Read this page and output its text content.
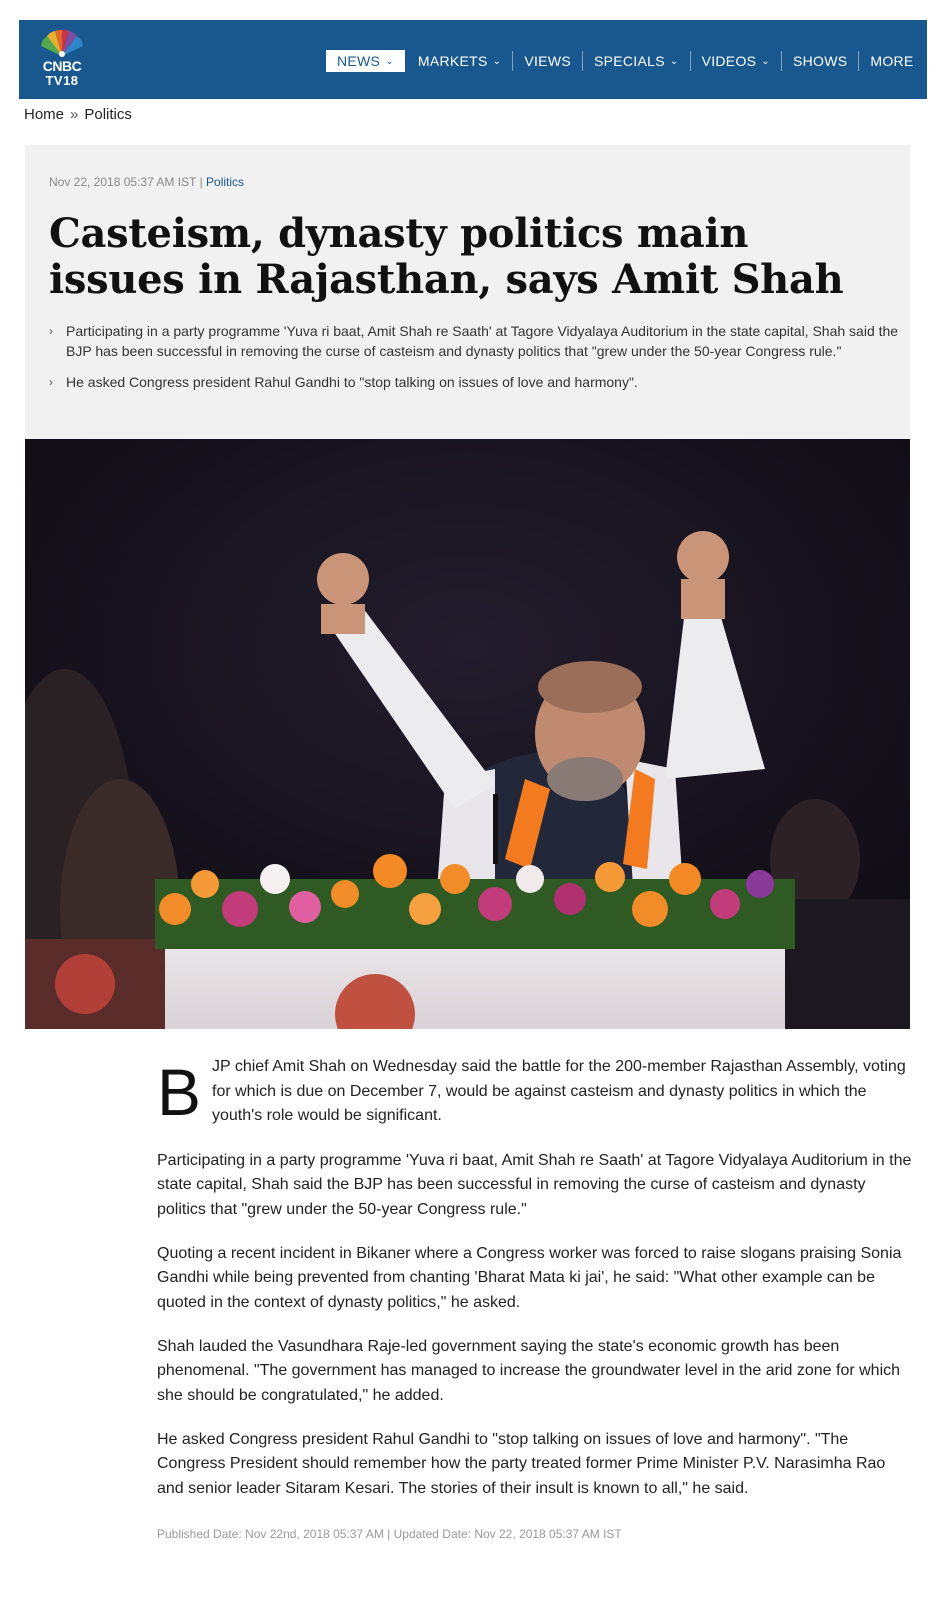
CNBC
TV18
NEWS ⌄ MARKETS ⌄ VIEWS SPECIALS ⌄ VIDEOS ⌄ SHOWS MORE
Home » Politics
Nov 22, 2018 05:37 AM IST | Politics
Casteism, dynasty politics main issues in Rajasthan, says Amit Shah
› Participating in a party programme 'Yuva ri baat, Amit Shah re Saath' at Tagore Vidyalaya Auditorium in the state capital, Shah said the BJP has been successful in removing the curse of casteism and dynasty politics that "grew under the 50-year Congress rule."
› He asked Congress president Rahul Gandhi to "stop talking on issues of love and harmony".

B JP chief Amit Shah on Wednesday said the battle for the 200-member Rajasthan Assembly, voting for which is due on December 7, would be against casteism and dynasty politics in which the youth's role would be significant.

Participating in a party programme 'Yuva ri baat, Amit Shah re Saath' at Tagore Vidyalaya Auditorium in the state capital, Shah said the BJP has been successful in removing the curse of casteism and dynasty politics that "grew under the 50-year Congress rule."

Quoting a recent incident in Bikaner where a Congress worker was forced to raise slogans praising Sonia Gandhi while being prevented from chanting 'Bharat Mata ki jai', he said: "What other example can be quoted in the context of dynasty politics," he asked.

Shah lauded the Vasundhara Raje-led government saying the state's economic growth has been phenomenal. "The government has managed to increase the groundwater level in the arid zone for which she should be congratulated," he added.

He asked Congress president Rahul Gandhi to "stop talking on issues of love and harmony". "The Congress President should remember how the party treated former Prime Minister P.V. Narasimha Rao and senior leader Sitaram Kesari. The stories of their insult is known to all," he said.

Published Date: Nov 22nd, 2018 05:37 AM | Updated Date: Nov 22, 2018 05:37 AM IST
